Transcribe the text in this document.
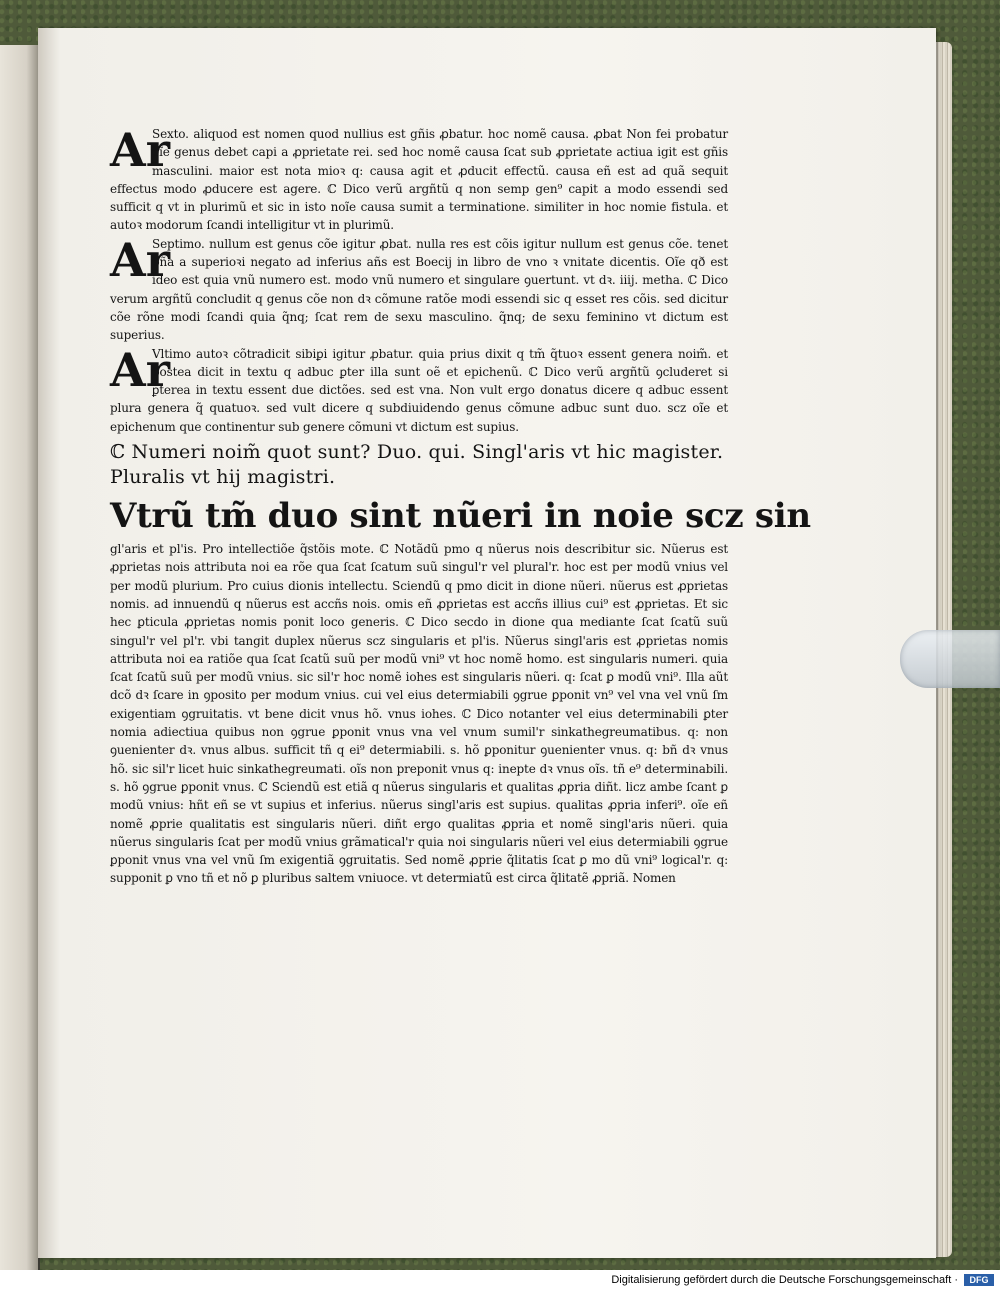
Ar

Sexto. aliquod est nomen quod nullius est gñis ꝓbatur. hoc nomẽ causa. ꝓbat Non fei probatur oĩe genus debet capi a ꝓprietate rei. sed hoc nomẽ causa ſcat sub ꝓprietate actiua igit est gñis masculini. maior est nota mioꝛ q: causa agit et ꝓducit effectũ. causa eñ est ad quã sequit effectus modo ꝓducere est agere. ℂ Dico verũ argñtũ q non semp gen⁹ capit a modo essendi sed sufficit q vt in plurimũ et sic in isto noĩe causa sumit a terminatione. similiter in hoc nomie fistula. et autoꝛ modorum ſcandi intelligitur vt in plurimũ.

Ar

Septimo. nullum est genus cõe igitur ꝓbat. nulla res est cõis igitur nullum est genus cõe. tenet pña a superioꝛi negato ad inferius añs est Boecij in libro de vno ꝛ vnitate dicentis. Oĩe qð est ideo est quia vnũ numero est. modo vnũ numero et singulare ꝯuertunt. vt dꝛ. iiij. metha. ℂ Dico verum argñtũ concludit q genus cõe non dꝛ cõmune ratõe modi essendi sic q esset res cõis. sed dicitur cõe rõne modi ſcandi quia q̃nq; ſcat rem de sexu masculino. q̃nq; de sexu feminino vt dictum est superius.

Ar

Vltimo autoꝛ cõtradicit sibiꝑi igitur ꝓbatur. quia prius dixit q tm̃ q̃tuoꝛ essent genera noim̃. et postea dicit in textu q adbuc ꝑter illa sunt oẽ et epichenũ. ℂ Dico verũ argñtũ ꝯcluderet si ꝑterea in textu essent due dictões. sed est vna. Non vult ergo donatus dicere q adbuc essent plura genera q̃ quatuoꝛ. sed vult dicere q subdiuidendo genus cõmune adbuc sunt duo. scz oĩe et epichenum que continentur sub genere cõmuni vt dictum est supius.

ℂ Numeri noim̃ quot sunt? Duo. qui. Singl'aris vt hic magister. Pluralis vt hij magistri.
Vtrũ tm̃ duo sint nũeri in noie scz sin

gl'aris et pl'is. Pro intellectiõe q̃stõis mote. ℂ Notãdũ pmo q nũerus nois describitur sic. Nũerus est ꝓprietas nois attributa noi ea rõe qua ſcat ſcatum suũ singul'r vel plural'r. hoc est per modũ vnius vel per modũ plurium. Pro cuius dionis intellectu. Sciendũ q pmo dicit in dione nũeri. nũerus est ꝓprietas nomis. ad innuendũ q nũerus est accñs nois. omis eñ ꝓprietas est accñs illius cui⁹ est ꝓprietas. Et sic hec ꝑticula ꝓprietas nomis ponit loco generis. ℂ Dico secdo in dione qua mediante ſcat ſcatũ suũ singul'r vel pl'r. vbi tangit duplex nũerus scz singularis et pl'is. Nũerus singl'aris est ꝓprietas nomis attributa noi ea ratiõe qua ſcat ſcatũ suũ per modũ vni⁹ vt hoc nomẽ homo. est singularis numeri. quia ſcat ſcatũ suũ per modũ vnius. sic sil'r hoc nomẽ iohes est singularis nũeri. q: ſcat ꝑ modũ vni⁹. Illa aũt dcõ dꝛ ſcare in ꝯposito per modum vnius. cui vel eius determiabili ꝯgrue ꝑponit vn⁹ vel vna vel vnũ ſm exigentiam ꝯgruitatis. vt bene dicit vnus hõ. vnus iohes. ℂ Dico notanter vel eius determinabili ꝑter nomia adiectiua quibus non ꝯgrue ꝑponit vnus vna vel vnum sumil'r sinkathegreumatibus. q: non ꝯuenienter dꝛ. vnus albus. sufficit tñ q ei⁹ determiabili. s. hõ ꝑponitur ꝯuenienter vnus. q: bñ dꝛ vnus hõ. sic sil'r licet huic sinkathegreumati. oĩs non preponit vnus q: inepte dꝛ vnus oĩs. tñ e⁹ determinabili. s. hõ ꝯgrue ꝑponit vnus. ℂ Sciendũ est etiã q nũerus singularis et qualitas ꝓpria diñt. licz ambe ſcant ꝑ modũ vnius: hñt eñ se vt supius et inferius. nũerus singl'aris est supius. qualitas ꝓpria inferi⁹. oĩe eñ nomẽ ꝓprie qualitatis est singularis nũeri. diñt ergo qualitas ꝓpria et nomẽ singl'aris nũeri. quia nũerus singularis ſcat per modũ vnius grãmatical'r quia noi singularis nũeri vel eius determiabili ꝯgrue ꝑponit vnus vna vel vnũ ſm exigentiã ꝯgruitatis. Sed nomẽ ꝓprie q̃litatis ſcat ꝑ mo dũ vni⁹ logical'r. q: supponit ꝑ vno tñ et nõ ꝑ pluribus saltem vniuoce. vt determiatũ est circa q̃litatẽ ꝓpriã. Nomen

Digitalisierung gefördert durch die Deutsche Forschungsgemeinschaft ·	DFG
